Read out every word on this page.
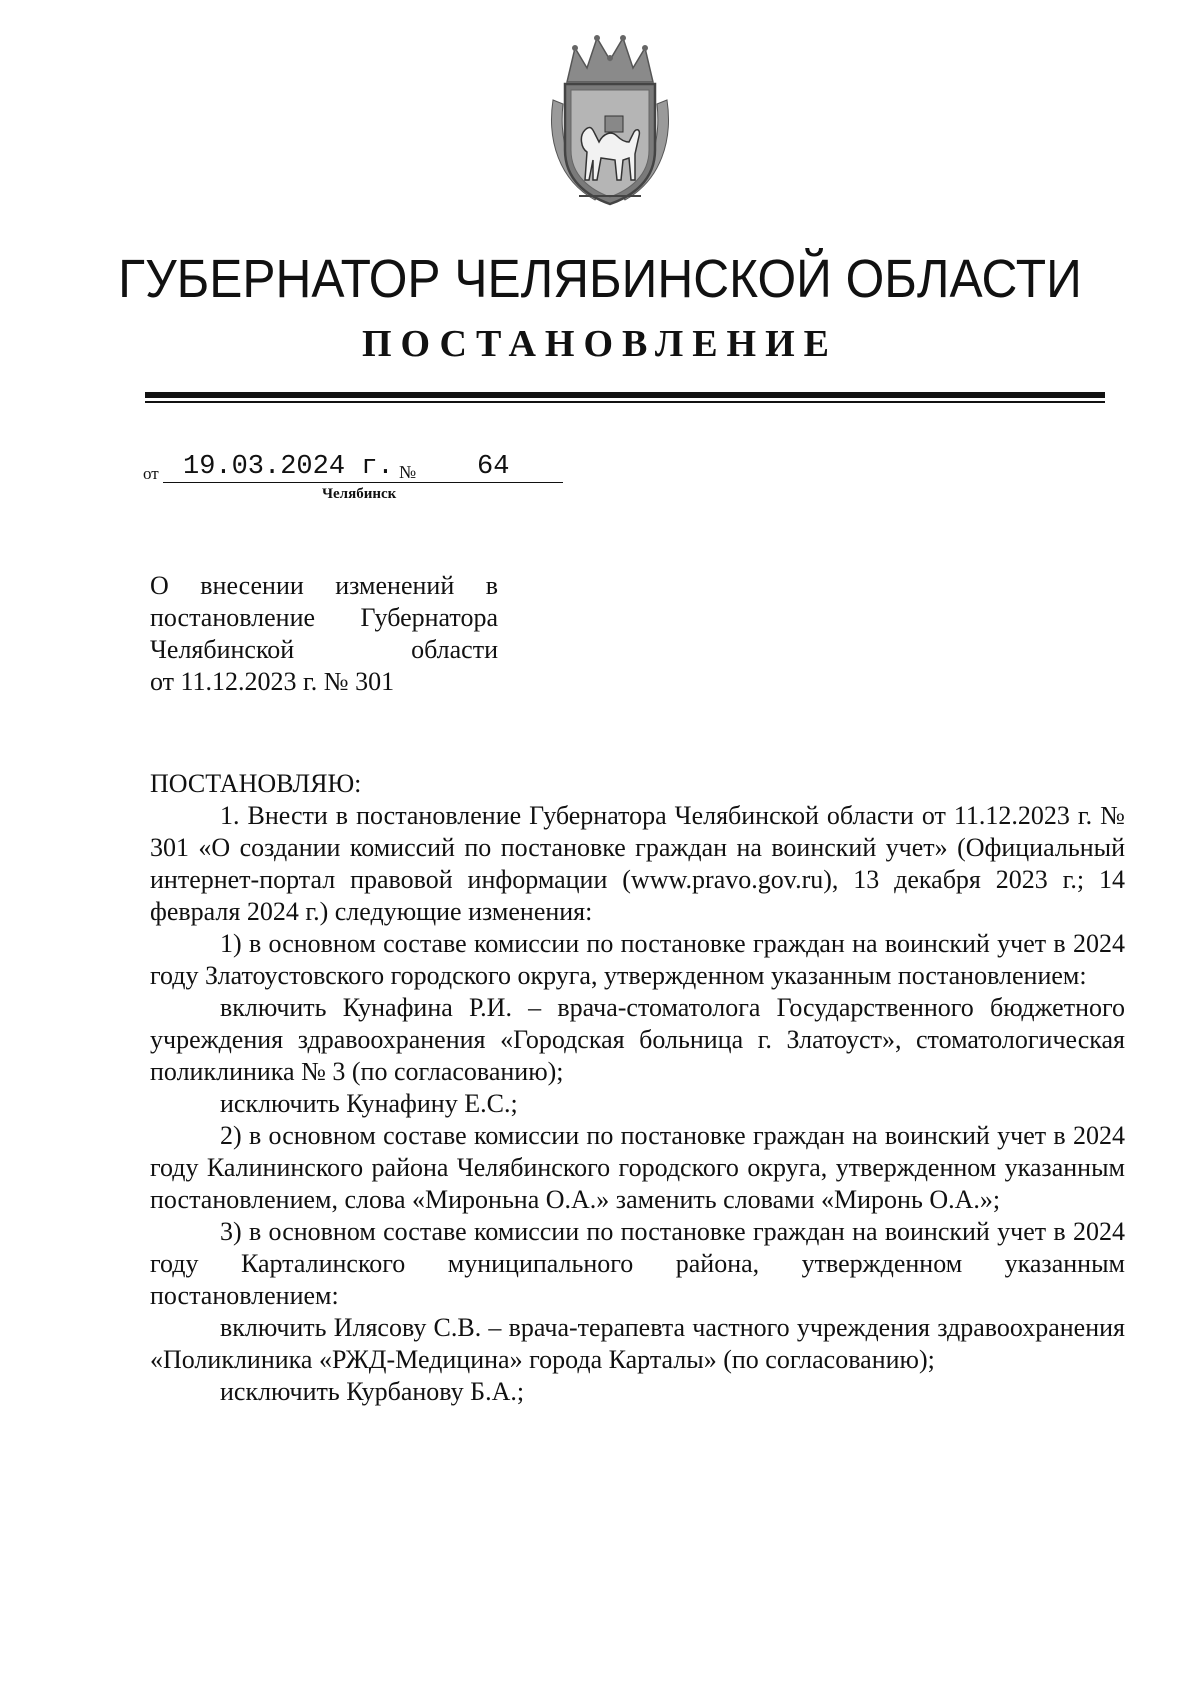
ГУБЕРНАТОР ЧЕЛЯБИНСКОЙ ОБЛАСТИ
ПОСТАНОВЛЕНИЕ
от 19.03.2024 г. № 64
Челябинск
О внесении изменений в
постановление Губернатора
Челябинской области
от 11.12.2023 г. № 301

ПОСТАНОВЛЯЮ:

1. Внести в постановление Губернатора Челябинской области от 11.12.2023 г. № 301 «О создании комиссий по постановке граждан на воинский учет» (Официальный интернет-портал правовой информации (www.pravo.gov.ru), 13 декабря 2023 г.; 14 февраля 2024 г.) следующие изменения:

1) в основном составе комиссии по постановке граждан на воинский учет в 2024 году Златоустовского городского округа, утвержденном указанным постановлением:

включить Кунафина Р.И. – врача-стоматолога Государственного бюджетного учреждения здравоохранения «Городская больница г. Златоуст», стоматологическая поликлиника № 3 (по согласованию);

исключить Кунафину Е.С.;

2) в основном составе комиссии по постановке граждан на воинский учет в 2024 году Калининского района Челябинского городского округа, утвержденном указанным постановлением, слова «Мироньна О.А.» заменить словами «Миронь О.А.»;

3) в основном составе комиссии по постановке граждан на воинский учет в 2024 году Карталинского муниципального района, утвержденном указанным постановлением:

включить Илясову С.В. – врача-терапевта частного учреждения здравоохранения «Поликлиника «РЖД-Медицина» города Карталы» (по согласованию);

исключить Курбанову Б.А.;
